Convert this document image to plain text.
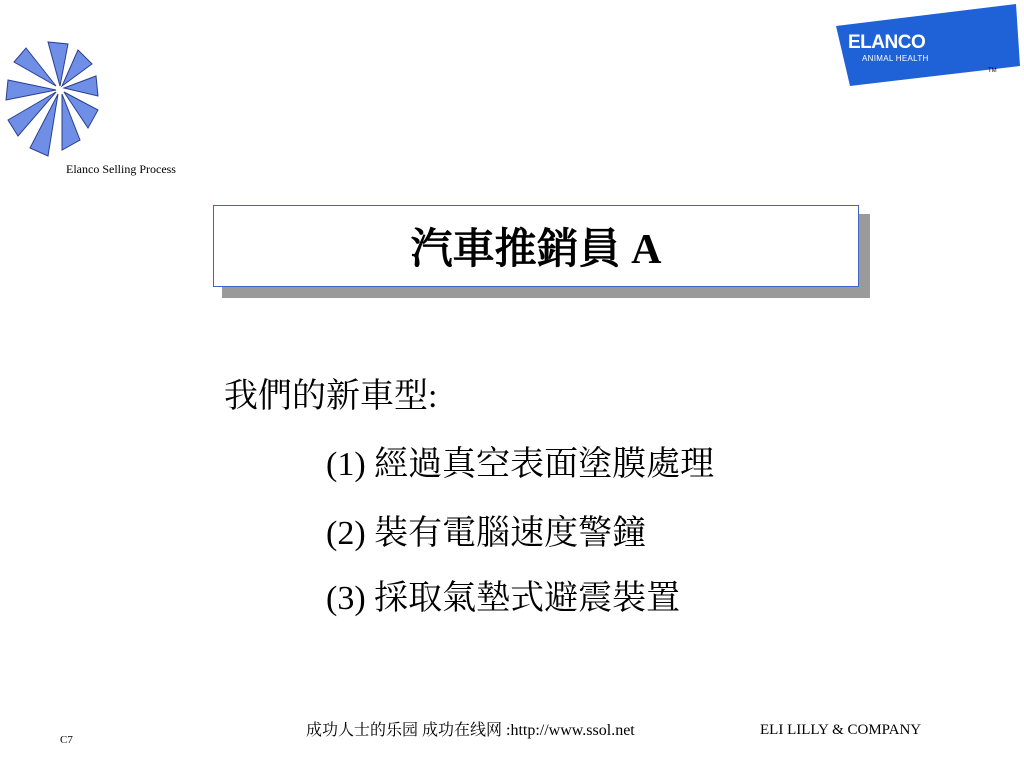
Elanco Selling Process
ELANCO
ANIMAL HEALTH
TM
汽車推銷員 A
我們的新車型:
(1) 經過真空表面塗膜處理
(2) 裝有電腦速度警鐘
(3) 採取氣墊式避震裝置
成功人士的乐园 成功在线网 :http://www.ssol.net	ELI LILLY & COMPANY
C7
